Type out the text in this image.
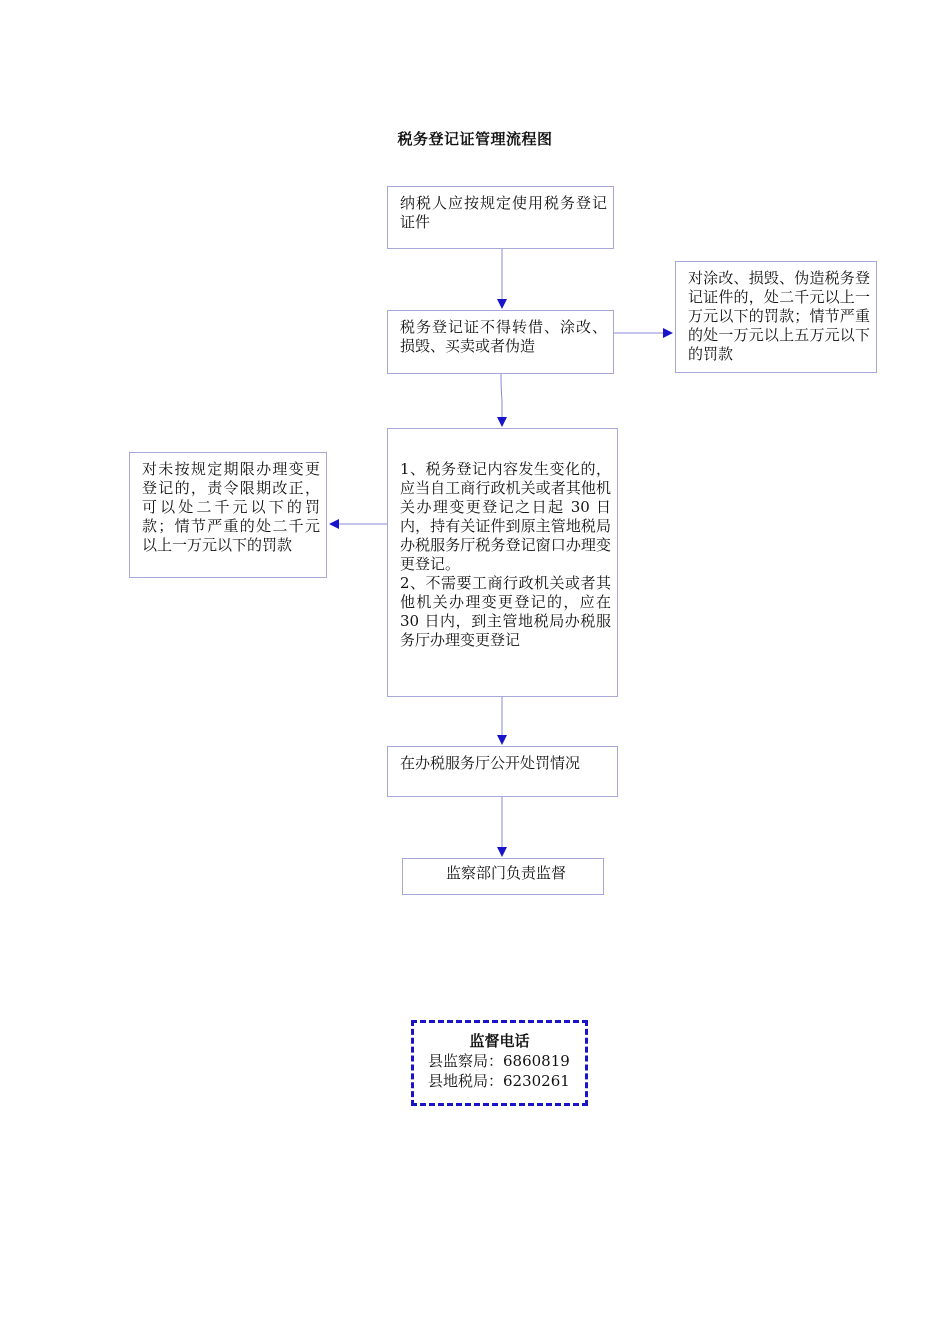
税务登记证管理流程图
纳税人应按规定使用税务登记证件
税务登记证不得转借、涂改、损毁、买卖或者伪造
对涂改、损毁、伪造税务登记证件的，处二千元以上一万元以下的罚款；情节严重的处一万元以上五万元以下的罚款
1、税务登记内容发生变化的，应当自工商行政机关或者其他机关办理变更登记之日起 30 日内，持有关证件到原主管地税局办税服务厅税务登记窗口办理变更登记。
2、不需要工商行政机关或者其他机关办理变更登记的，应在 30 日内，到主管地税局办税服务厅办理变更登记
对未按规定期限办理变更登记的，责令限期改正，可以处二千元以下的罚款；情节严重的处二千元以上一万元以下的罚款
在办税服务厅公开处罚情况
监察部门负责监督
监督电话
县监察局：6860819
县地税局：6230261
